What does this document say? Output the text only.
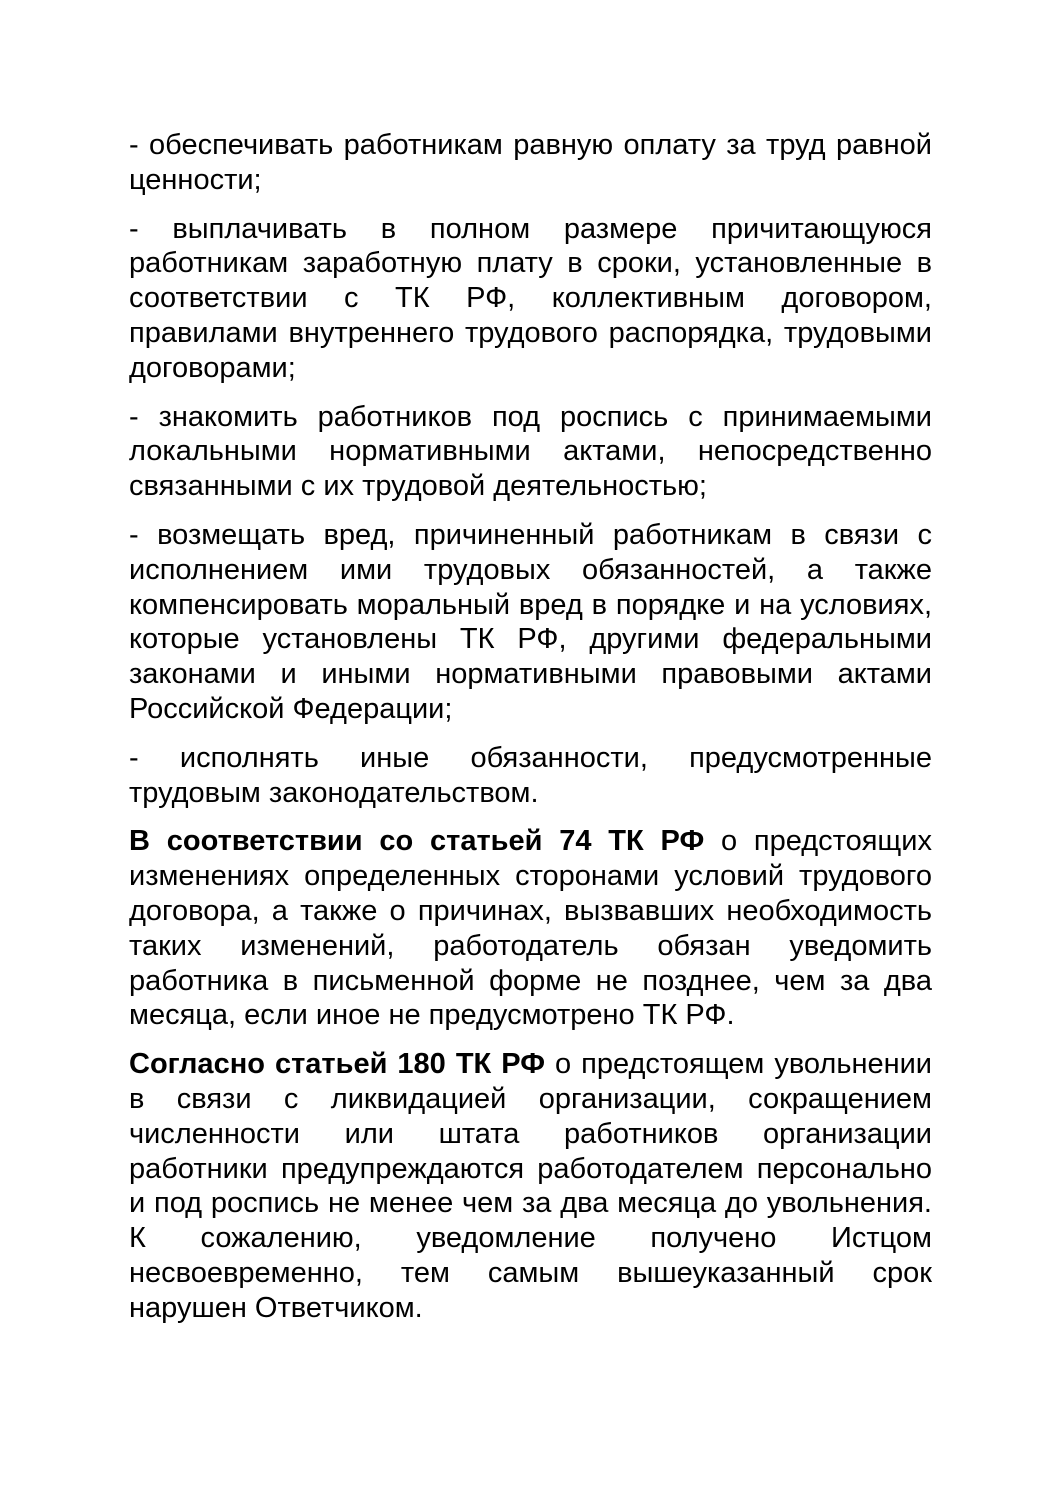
- обеспечивать работникам равную оплату за труд равной ценности;

- выплачивать в полном размере причитающуюся работникам заработную плату в сроки, установленные в соответствии с ТК РФ, коллективным договором, правилами внутреннего трудового распорядка, трудовыми договорами;

- знакомить работников под роспись с принимаемыми локальными нормативными актами, непосредственно связанными с их трудовой деятельностью;

- возмещать вред, причиненный работникам в связи с исполнением ими трудовых обязанностей, а также компенсировать моральный вред в порядке и на условиях, которые установлены ТК РФ, другими федеральными законами и иными нормативными правовыми актами Российской Федерации;

- исполнять иные обязанности, предусмотренные трудовым законодательством.

В соответствии со статьей 74 ТК РФ о предстоящих изменениях определенных сторонами условий трудового договора, а также о причинах, вызвавших необходимость таких изменений, работодатель обязан уведомить работника в письменной форме не позднее, чем за два месяца, если иное не предусмотрено ТК РФ.

Согласно статьей 180 ТК РФ о предстоящем увольнении в связи с ликвидацией организации, сокращением численности или штата работников организации работники предупреждаются работодателем персонально и под роспись не менее чем за два месяца до увольнения. К сожалению, уведомление получено Истцом несвоевременно, тем самым вышеуказанный срок нарушен Ответчиком.
